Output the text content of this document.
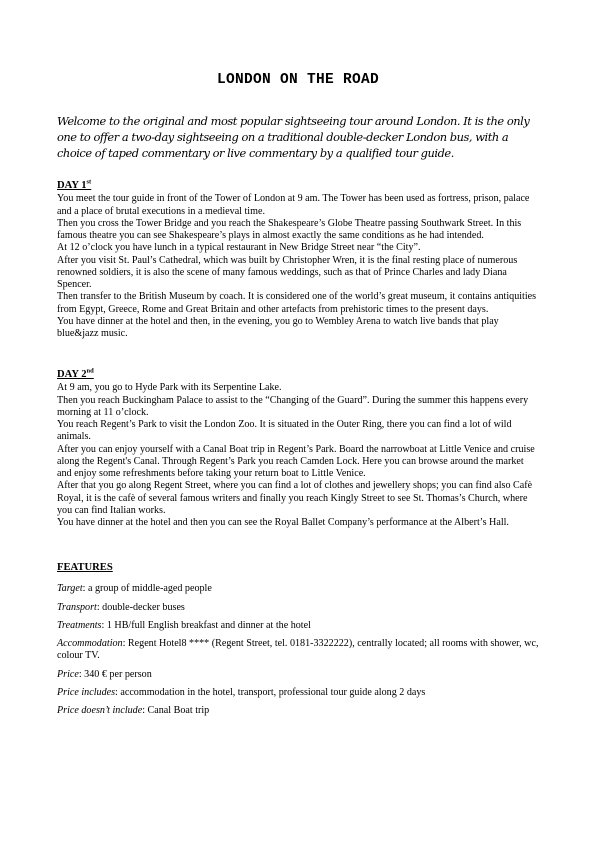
LONDON ON THE ROAD
Welcome to the original and most popular sightseeing tour around London. It is the only one to offer a two-day sightseeing on a traditional double-decker London bus, with a choice of taped commentary or live commentary by a qualified tour guide.
DAY 1st

You meet the tour guide in front of the Tower of London at 9 am. The Tower has been used as fortress, prison, palace and a place of brutal executions in a medieval time.

Then you cross the Tower Bridge and you reach the Shakespeare’s Globe Theatre passing Southwark Street. In this famous theatre you can see Shakespeare’s plays in almost exactly the same conditions as he had intended.

At 12 o’clock you have lunch in a typical restaurant in New Bridge Street near “the City”.

After you visit St. Paul’s Cathedral, which was built by Christopher Wren, it is the final resting place of numerous renowned soldiers, it is also the scene of many famous weddings, such as that of Prince Charles and lady Diana Spencer.

Then transfer to the British Museum by coach. It is considered one of the world’s great museum, it contains antiquities from Egypt, Greece, Rome and Great Britain and other artefacts from prehistoric times to the present days.

You have dinner at the hotel and then, in the evening, you go to Wembley Arena to watch live bands that play blue&jazz music.

DAY 2nd

At 9 am, you go to Hyde Park with its Serpentine Lake.

Then you reach Buckingham Palace to assist to the “Changing of the Guard”. During the summer this happens every morning at 11 o’clock.

You reach Regent’s Park to visit the London Zoo. It is situated in the Outer Ring, there you can find a lot of wild animals.

After you can enjoy yourself with a Canal Boat trip in Regent’s Park. Board the narrowboat at Little Venice and cruise along the Regent's Canal. Through Regent’s Park you reach Camden Lock. Here you can browse around the market and enjoy some refreshments before taking your return boat to Little Venice.

After that you go along Regent Street, where you can find a lot of clothes and jewellery shops; you can find also Cafè Royal, it is the cafè of several famous writers and finally you reach Kingly Street to see St. Thomas’s Church, where you can find Italian works.

You have dinner at the hotel and then you can see the Royal Ballet Company’s performance at the Albert’s Hall.

FEATURES

Target: a group of middle-aged people

Transport: double-decker buses

Treatments: 1 HB/full English breakfast and dinner at the hotel

Accommodation: Regent Hotel8 **** (Regent Street, tel. 0181-3322222), centrally located; all rooms with shower, wc, colour TV.

Price: 340 € per person

Price includes: accommodation in the hotel, transport, professional tour guide along 2 days

Price doesn’t include: Canal Boat trip
